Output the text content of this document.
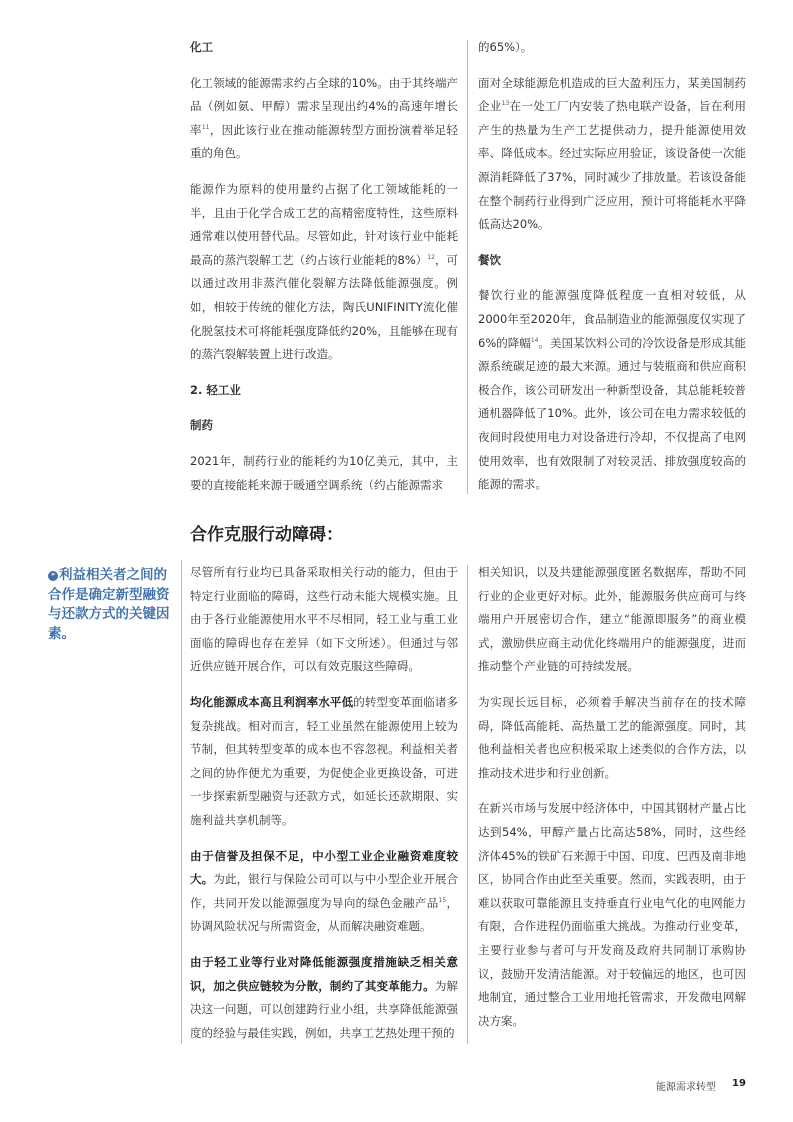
化工

化工领域的能源需求约占全球的10%。由于其终端产品（例如氨、甲醇）需求呈现出约4%的高速年增长率$^{11}$，因此该行业在推动能源转型方面扮演着举足轻重的角色。

能源作为原料的使用量约占据了化工领域能耗的一半，且由于化学合成工艺的高精密度特性，这些原料通常难以使用替代品。尽管如此，针对该行业中能耗最高的蒸汽裂解工艺（约占该行业能耗的8%）$^{12}$，可以通过改用非蒸汽催化裂解方法降低能源强度。例如，相较于传统的催化方法，陶氏UNIFINITY流化催化脱氢技术可将能耗强度降低约20%，且能够在现有的蒸汽裂解装置上进行改造。

2. 轻工业

制药

2021年，制药行业的能耗约为10亿美元，其中，主要的直接能耗来源于暖通空调系统（约占能源需求

的65%）。

面对全球能源危机造成的巨大盈利压力，某美国制药企业$^{13}$在一处工厂内安装了热电联产设备，旨在利用产生的热量为生产工艺提供动力，提升能源使用效率、降低成本。经过实际应用验证，该设备使一次能源消耗降低了37%，同时减少了排放量。若该设备能在整个制药行业得到广泛应用，预计可将能耗水平降低高达20%。

餐饮

餐饮行业的能源强度降低程度一直相对较低，从2000年至2020年，食品制造业的能源强度仅实现了6%的降幅$^{14}$。美国某饮料公司的冷饮设备是形成其能源系统碳足迹的最大来源。通过与装瓶商和供应商积极合作，该公司研发出一种新型设备，其总能耗较普通机器降低了10%。此外，该公司在电力需求较低的夜间时段使用电力对设备进行冷却，不仅提高了电网使用效率，也有效限制了对较灵活、排放强度较高的能源的需求。

合作克服行动障碍：
“ 利益相关者之间的合作是确定新型融资与还款方式的关键因素。

尽管所有行业均已具备采取相关行动的能力，但由于特定行业面临的障碍，这些行动未能大规模实施。且由于各行业能源使用水平不尽相同，轻工业与重工业面临的障碍也存在差异（如下文所述）。但通过与邻近供应链开展合作，可以有效克服这些障碍。

均化能源成本高且利润率水平低的转型变革面临诸多复杂挑战。相对而言，轻工业虽然在能源使用上较为节制，但其转型变革的成本也不容忽视。利益相关者之间的协作便尤为重要，为促使企业更换设备，可进一步探索新型融资与还款方式，如延长还款期限、实施利益共享机制等。

由于信誉及担保不足，中小型工业企业融资难度较大。为此，银行与保险公司可以与中小型企业开展合作，共同开发以能源强度为导向的绿色金融产品$^{15}$，协调风险状况与所需资金，从而解决融资难题。

由于轻工业等行业对降低能源强度措施缺乏相关意识，加之供应链较为分散，制约了其变革能力。为解决这一问题，可以创建跨行业小组，共享降低能源强度的经验与最佳实践，例如，共享工艺热处理干预的

相关知识，以及共建能源强度匿名数据库，帮助不同行业的企业更好对标。此外，能源服务供应商可与终端用户开展密切合作，建立“能源即服务”的商业模式，激励供应商主动优化终端用户的能源强度，进而推动整个产业链的可持续发展。

为实现长远目标，必须着手解决当前存在的技术障碍，降低高能耗、高热量工艺的能源强度。同时，其他利益相关者也应积极采取上述类似的合作方法，以推动技术进步和行业创新。

在新兴市场与发展中经济体中，中国其钢材产量占比达到54%，甲醇产量占比高达58%，同时，这些经济体45%的铁矿石来源于中国、印度、巴西及南非地区，协同合作由此至关重要。然而，实践表明，由于难以获取可靠能源且支持垂直行业电气化的电网能力有限，合作进程仍面临重大挑战。为推动行业变革，主要行业参与者可与开发商及政府共同制订承购协议，鼓励开发清洁能源。对于较偏远的地区，也可因地制宜，通过整合工业用地托管需求，开发微电网解决方案。

能源需求转型 19
